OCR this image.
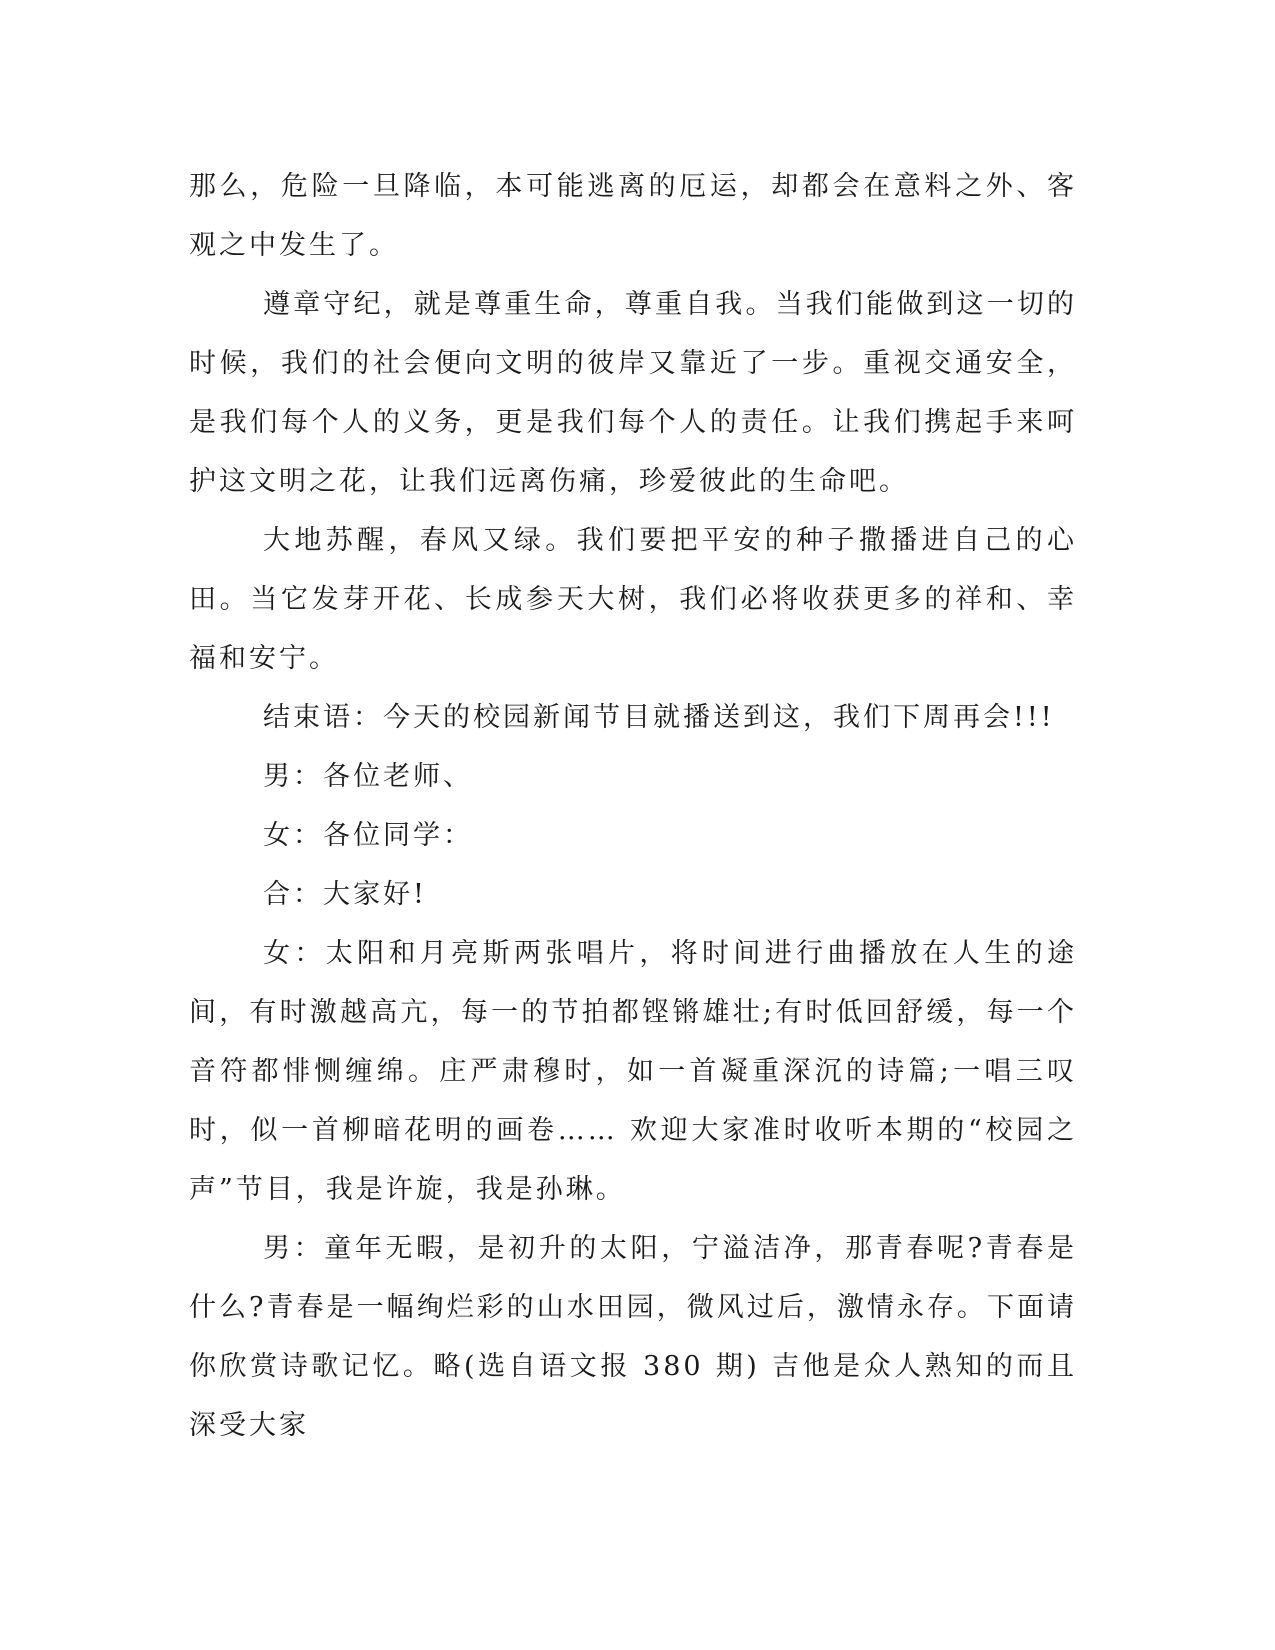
那么，危险一旦降临，本可能逃离的厄运，却都会在意料之外、客观之中发生了。

遵章守纪，就是尊重生命，尊重自我。当我们能做到这一切的时候，我们的社会便向文明的彼岸又靠近了一步。重视交通安全，是我们每个人的义务，更是我们每个人的责任。让我们携起手来呵护这文明之花，让我们远离伤痛，珍爱彼此的生命吧。

大地苏醒，春风又绿。我们要把平安的种子撒播进自己的心田。当它发芽开花、长成参天大树，我们必将收获更多的祥和、幸福和安宁。

结束语：今天的校园新闻节目就播送到这，我们下周再会!!!

男：各位老师、

女：各位同学：

合：大家好!

女：太阳和月亮斯两张唱片，将时间进行曲播放在人生的途间，有时激越高亢，每一的节拍都铿锵雄壮;有时低回舒缓，每一个音符都悱恻缠绵。庄严肃穆时，如一首凝重深沉的诗篇;一唱三叹时，似一首柳暗花明的画卷…… 欢迎大家准时收听本期的“校园之声”节目，我是许旋，我是孙琳。

男：童年无暇，是初升的太阳，宁溢洁净，那青春呢?青春是什么?青春是一幅绚烂彩的山水田园，微风过后，激情永存。下面请你欣赏诗歌记忆。略(选自语文报 380 期) 吉他是众人熟知的而且深受大家
